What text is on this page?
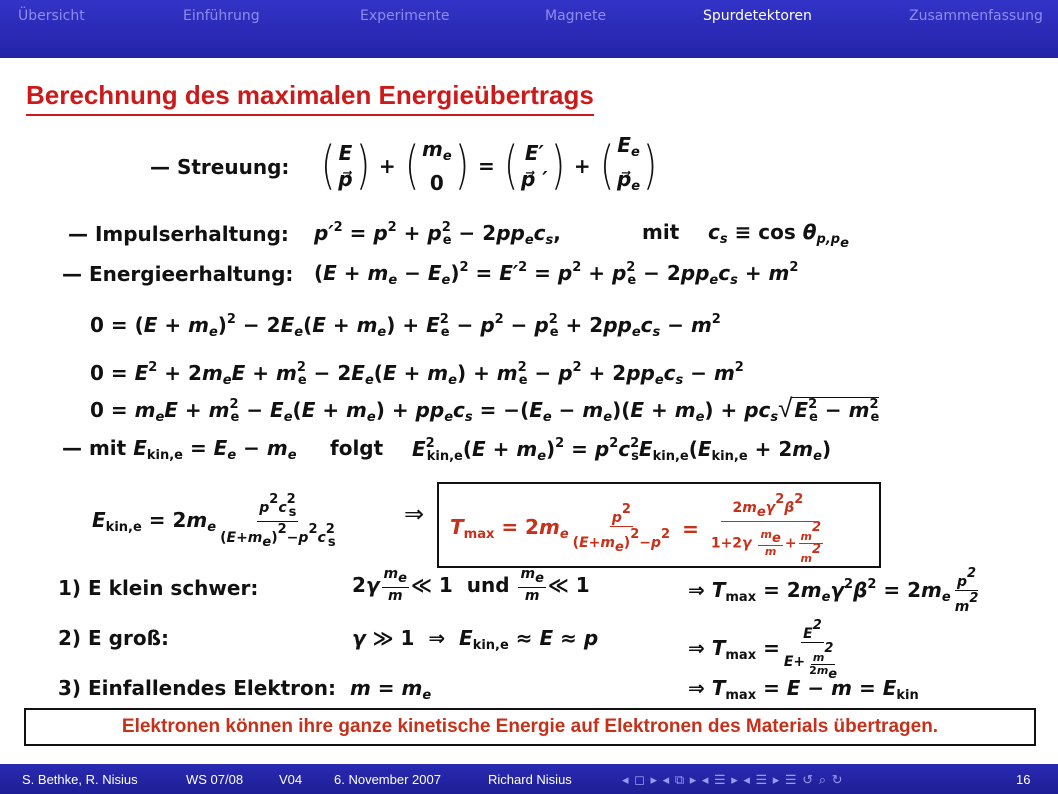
Übersicht	Einführung	Experimente	Magnete	Spurdetektoren	Zusammenfassung
Berechnung des maximalen Energieübertrags
— Streuung: ( E
p⃗ ) + ( $m_e$
0 ) = ( E′
p⃗ ′ ) + ( $E_e$
$p⃗_e$ )
— Impulserhaltung: $p'^2 = p^2 + p^2_e - 2pp_ec_s$,	mit $c_s \equiv \cos \theta_{p,p_e}$
— Energieerhaltung: $(E + m_e - E_e)^2 = E'^2 = p^2 + p^2_e - 2pp_ec_s + m^2$
$0 = (E + m_e)^2 - 2E_e(E + m_e) + E^2_e - p^2 - p^2_e + 2pp_ec_s - m^2$
$0 = E^2 + 2m_eE + m^2_e - 2E_e(E + m_e) + m^2_e - p^2 + 2pp_ec_s - m^2$
$0 = m_eE + m^2_e - E_e(E + m_e) + pp_ec_s = -(E_e - m_e)(E + m_e) + pc_s√$ $E^2_e - m^2_e$
— mit $E_{kin,e} = E_e - m_e$ folgt $E^2_{kin,e}(E + m_e)^2 = p^2c^2_sE_{kin,e}(E_{kin,e} + 2m_e)$
$E_{kin,e} = 2m_e \frac{p^2c^2_s}{(E+m_e)^2-p^2c^2_s}$	⇒ $T_{max} = 2m_e \frac{p^2}{(E+m_e)^2-p^2} = \frac{2m_e\gamma^2\beta^2}{1+2\gamma \frac{m_e}{m} + \frac{m^2}{m^2}}$
1) E klein schwer:	$2\gamma \frac{m_e}{m}$ ≪ 1 und
$\frac{m_e}{m}$ ≪ 1	⇒ $T_{max} = 2m_e\gamma^2\beta^2 = 2m_e \frac{p^2}{m^2}$
2) E groß:	γ ≫ 1  ⇒  $E_{kin,e} \approx E \approx p$	⇒ $T_{max} = \frac{E^2}{E+ \frac{m^2}{2m_e}}$
3) Einfallendes Elektron: $m = m_e$	⇒ $T_{max} = E - m = E_{kin}$
Elektronen können ihre ganze kinetische Energie auf Elektronen des Materials übertragen.
S. Bethke, R. Nisius	WS 07/08	V04 6. November 2007	Richard Nisius	◂ ◻ ▸ ◂ ⧉ ▸ ◂ ☰ ▸ ◂ ☰ ▸ ☰ ↺ ⌕ ↻	16
